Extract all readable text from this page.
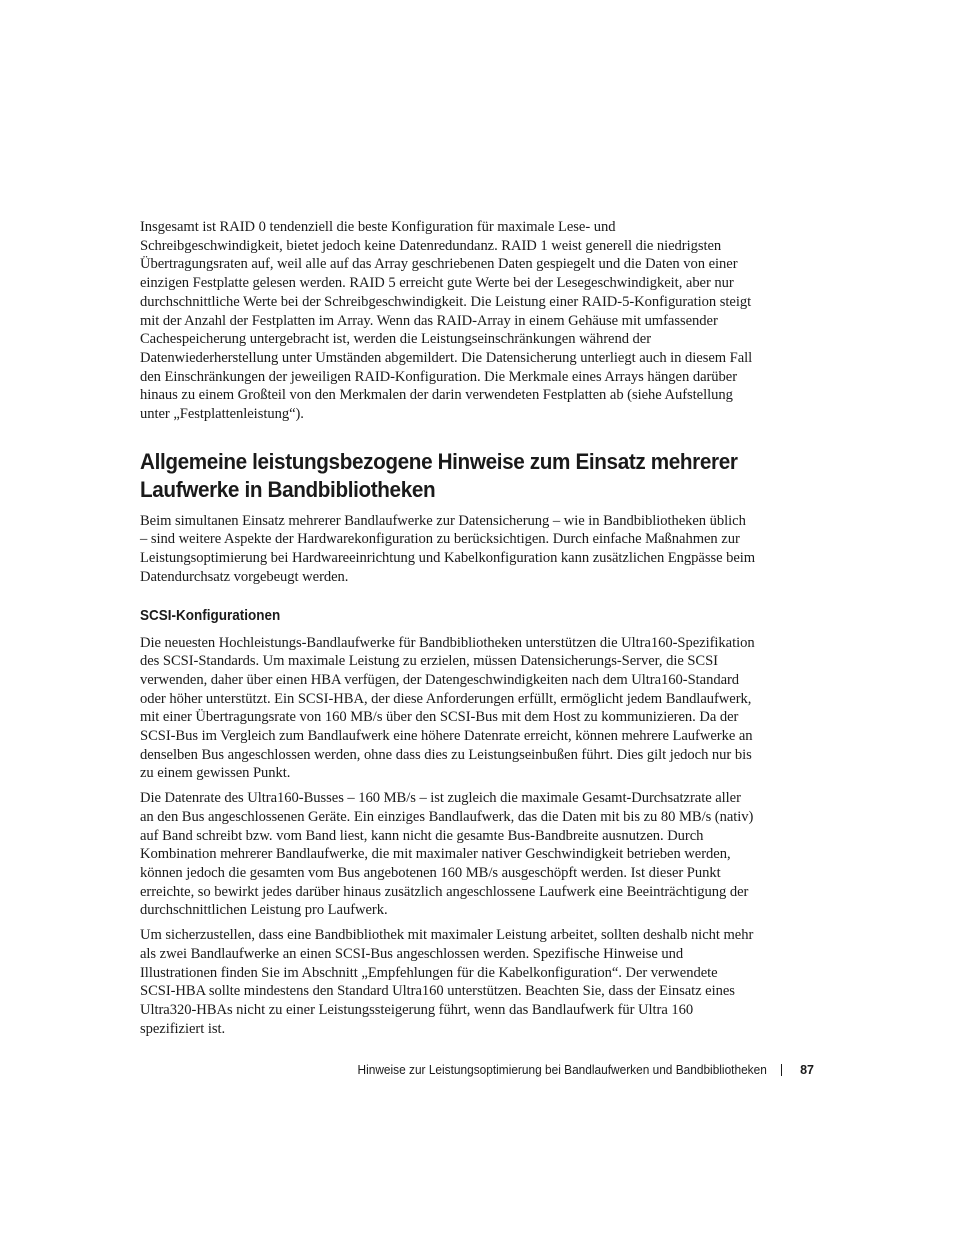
Insgesamt ist RAID 0 tendenziell die beste Konfiguration für maximale Lese- und Schreibgeschwindigkeit, bietet jedoch keine Datenredundanz. RAID 1 weist generell die niedrigsten Übertragungsraten auf, weil alle auf das Array geschriebenen Daten gespiegelt und die Daten von einer einzigen Festplatte gelesen werden. RAID 5 erreicht gute Werte bei der Lesegeschwindigkeit, aber nur durchschnittliche Werte bei der Schreibgeschwindigkeit. Die Leistung einer RAID-5-Konfiguration steigt mit der Anzahl der Festplatten im Array. Wenn das RAID-Array in einem Gehäuse mit umfassender Cachespeicherung untergebracht ist, werden die Leistungseinschränkungen während der Datenwiederherstellung unter Umständen abgemildert. Die Datensicherung unterliegt auch in diesem Fall den Einschränkungen der jeweiligen RAID-Konfiguration. Die Merkmale eines Arrays hängen darüber hinaus zu einem Großteil von den Merkmalen der darin verwendeten Festplatten ab (siehe Aufstellung unter „Festplattenleistung“).

Allgemeine leistungsbezogene Hinweise zum Einsatz mehrerer Laufwerke in Bandbibliotheken

Beim simultanen Einsatz mehrerer Bandlaufwerke zur Datensicherung – wie in Bandbibliotheken üblich – sind weitere Aspekte der Hardwarekonfiguration zu berücksichtigen. Durch einfache Maßnahmen zur Leistungsoptimierung bei Hardwareeinrichtung und Kabelkonfiguration kann zusätzlichen Engpässe beim Datendurchsatz vorgebeugt werden.

SCSI-Konfigurationen

Die neuesten Hochleistungs-Bandlaufwerke für Bandbibliotheken unterstützen die Ultra160-Spezifikation des SCSI-Standards. Um maximale Leistung zu erzielen, müssen Datensicherungs-Server, die SCSI verwenden, daher über einen HBA verfügen, der Datengeschwindigkeiten nach dem Ultra160-Standard oder höher unterstützt. Ein SCSI-HBA, der diese Anforderungen erfüllt, ermöglicht jedem Bandlaufwerk, mit einer Übertragungsrate von 160 MB/s über den SCSI-Bus mit dem Host zu kommunizieren. Da der SCSI-Bus im Vergleich zum Bandlaufwerk eine höhere Datenrate erreicht, können mehrere Laufwerke an denselben Bus angeschlossen werden, ohne dass dies zu Leistungseinbußen führt. Dies gilt jedoch nur bis zu einem gewissen Punkt.

Die Datenrate des Ultra160-Busses – 160 MB/s – ist zugleich die maximale Gesamt-Durchsatzrate aller an den Bus angeschlossenen Geräte. Ein einziges Bandlaufwerk, das die Daten mit bis zu 80 MB/s (nativ) auf Band schreibt bzw. vom Band liest, kann nicht die gesamte Bus-Bandbreite ausnutzen. Durch Kombination mehrerer Bandlaufwerke, die mit maximaler nativer Geschwindigkeit betrieben werden, können jedoch die gesamten vom Bus angebotenen 160 MB/s ausgeschöpft werden. Ist dieser Punkt erreichte, so bewirkt jedes darüber hinaus zusätzlich angeschlossene Laufwerk eine Beeinträchtigung der durchschnittlichen Leistung pro Laufwerk.

Um sicherzustellen, dass eine Bandbibliothek mit maximaler Leistung arbeitet, sollten deshalb nicht mehr als zwei Bandlaufwerke an einen SCSI-Bus angeschlossen werden. Spezifische Hinweise und Illustrationen finden Sie im Abschnitt „Empfehlungen für die Kabelkonfiguration“. Der verwendete SCSI-HBA sollte mindestens den Standard Ultra160 unterstützen. Beachten Sie, dass der Einsatz eines Ultra320-HBAs nicht zu einer Leistungssteigerung führt, wenn das Bandlaufwerk für Ultra 160 spezifiziert ist.

Hinweise zur Leistungsoptimierung bei Bandlaufwerken und Bandbibliotheken	87
